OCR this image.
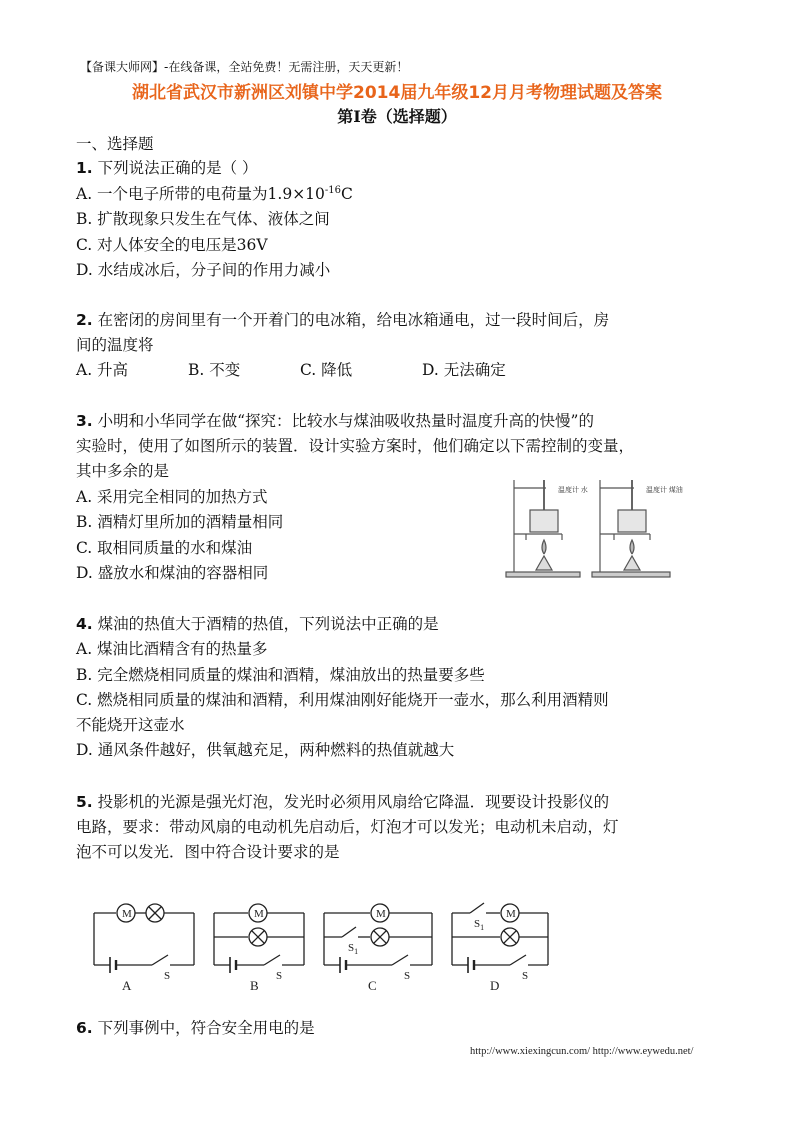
【备课大师网】-在线备课，全站免费！无需注册，天天更新！
湖北省武汉市新洲区刘镇中学2014届九年级12月月考物理试题及答案
第Ⅰ卷（选择题）
一、选择题
1. 下列说法正确的是（ ）
A. 一个电子所带的电荷量为$1.9\times 10^{-16}C$
B. 扩散现象只发生在气体、液体之间
C. 对人体安全的电压是36V
D. 水结成冰后，分子间的作用力减小
2. 在密闭的房间里有一个开着门的电冰箱，给电冰箱通电，过一段时间后，房
间的温度将
A. 升高	B. 不变	C. 降低	D. 无法确定
3. 小明和小华同学在做“探究：比较水与煤油吸收热量时温度升高的快慢”的
实验时，使用了如图所示的装置．设计实验方案时，他们确定以下需控制的变量，
其中多余的是
A. 采用完全相同的加热方式
B. 酒精灯里所加的酒精量相同
C. 取相同质量的水和煤油
D. 盛放水和煤油的容器相同
温度计 水	温度计 煤油
4. 煤油的热值大于酒精的热值，下列说法中正确的是
A. 煤油比酒精含有的热量多
B. 完全燃烧相同质量的煤油和酒精，煤油放出的热量要多些
C. 燃烧相同质量的煤油和酒精，利用煤油刚好能烧开一壶水，那么利用酒精则
不能烧开这壶水
D. 通风条件越好，供氧越充足，两种燃料的热值就越大
5. 投影机的光源是强光灯泡，发光时必须用风扇给它降温．现要设计投影仪的
电路，要求：带动风扇的电动机先启动后，灯泡才可以发光；电动机未启动，灯
泡不可以发光．图中符合设计要求的是
M	M	M	M
S	S	S	S
$S_1$
$S_1$
A	B	C	D
6. 下列事例中，符合安全用电的是
http://www.xiexingcun.com/ http://www.eywedu.net/
